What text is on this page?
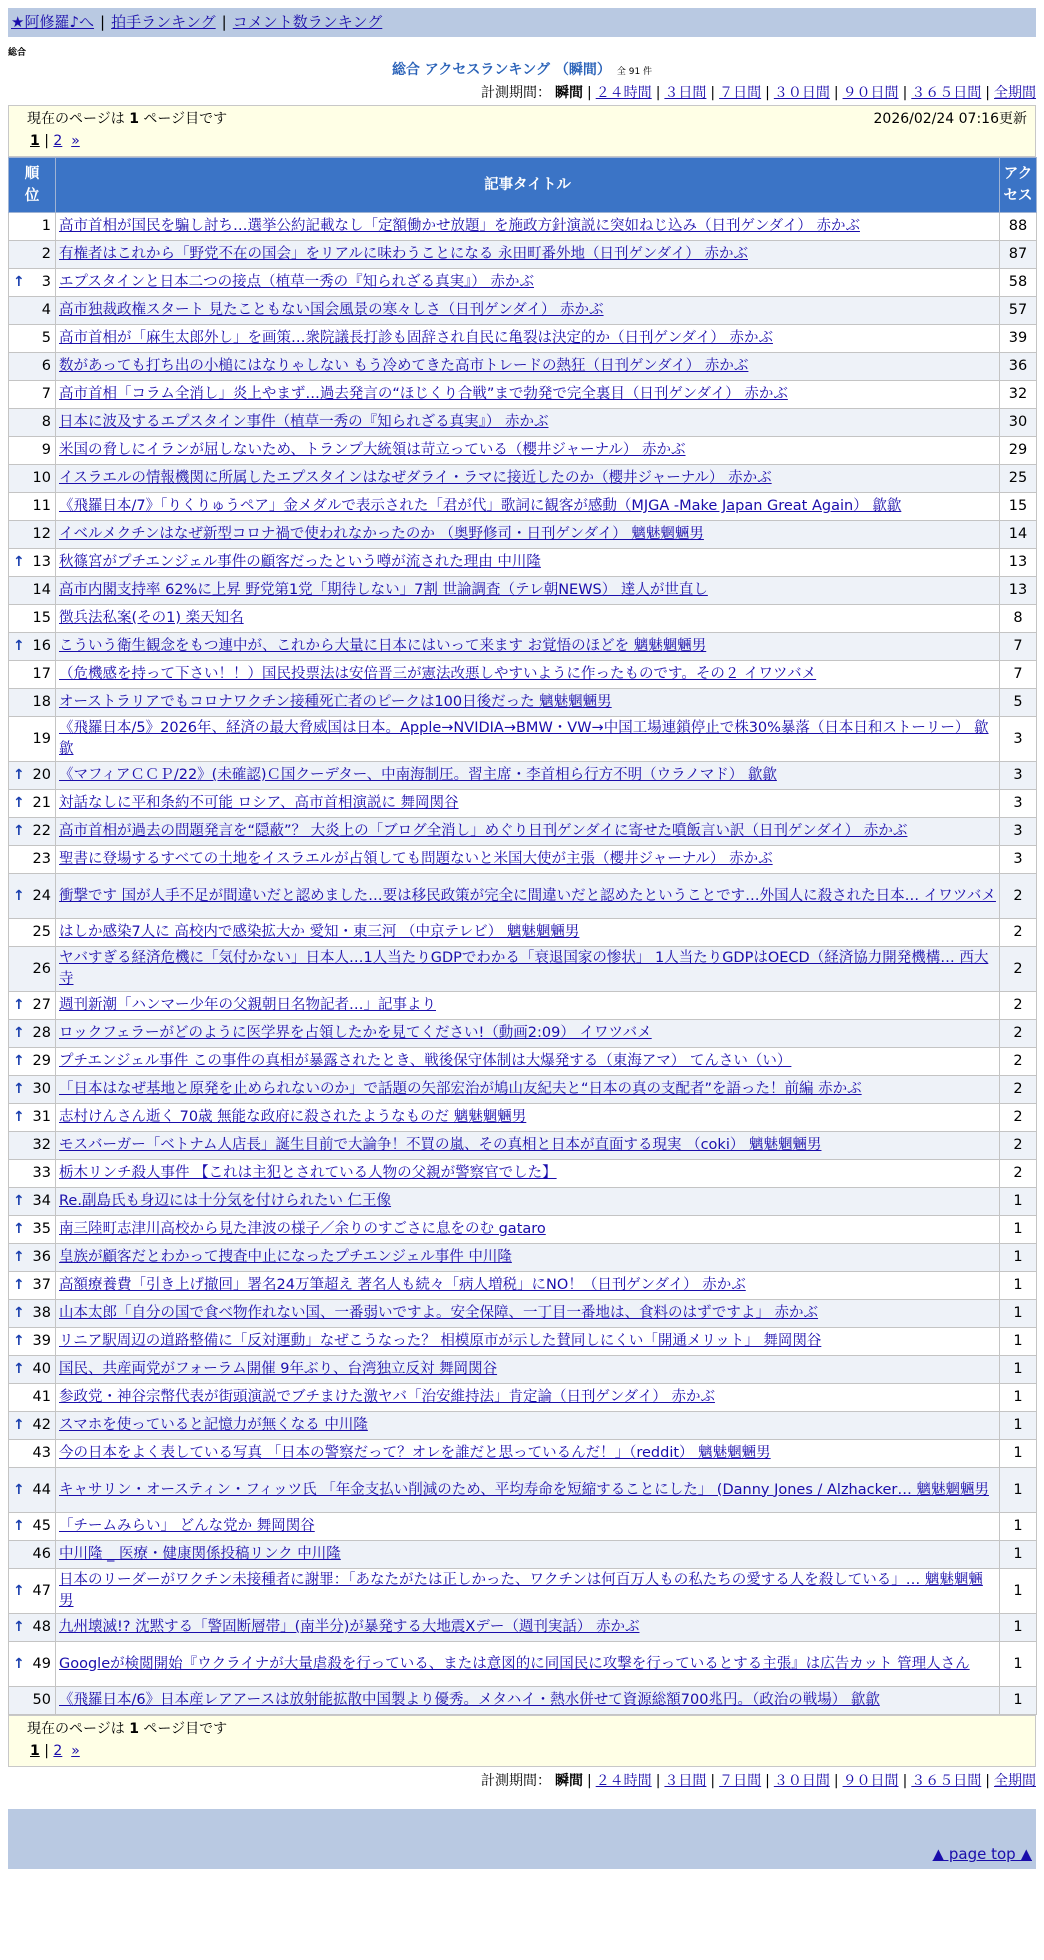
★阿修羅♪へ | 拍手ランキング | コメント数ランキング
総合
総合 アクセスランキング （瞬間） 全 91 件
計測期間： 瞬間 | ２４時間 | ３日間 | ７日間 | ３０日間 | ９０日間 | ３６５日間 | 全期間
現在のページは 1 ページ目です	2026/02/24 07:16更新
1 | 2 »
順位	記事タイトル	アクセス
1	高市首相が国民を騙し討ち…選挙公約記載なし「定額働かせ放題」を施政方針演説に突如ねじ込み（日刊ゲンダイ） 赤かぶ	88
2	有権者はこれから「野党不在の国会」をリアルに味わうことになる 永田町番外地（日刊ゲンダイ） 赤かぶ	87

↑ 3	エプスタインと日本二つの接点（植草一秀の『知られざる真実』） 赤かぶ	58
4	高市独裁政権スタート 見たこともない国会風景の寒々しさ（日刊ゲンダイ） 赤かぶ	57
5	高市首相が「麻生太郎外し」を画策…衆院議長打診も固辞され自民に亀裂は決定的か（日刊ゲンダイ） 赤かぶ	39
6	数があっても打ち出の小槌にはなりゃしない もう冷めてきた高市トレードの熱狂（日刊ゲンダイ） 赤かぶ	36
7	高市首相「コラム全消し」炎上やまず…過去発言の“ほじくり合戦”まで勃発で完全裏目（日刊ゲンダイ） 赤かぶ	32
8	日本に波及するエプスタイン事件（植草一秀の『知られざる真実』） 赤かぶ	30
9	米国の脅しにイランが屈しないため、トランプ大統領は苛立っている（櫻井ジャーナル） 赤かぶ	29
10	イスラエルの情報機関に所属したエプスタインはなぜダライ・ラマに接近したのか（櫻井ジャーナル） 赤かぶ	25
11	《飛羅日本/7》「りくりゅうペア」金メダルで表示された「君が代」歌詞に観客が感動（MJGA -Make Japan Great Again） 歙歙	15
12	イベルメクチンはなぜ新型コロナ禍で使われなかったのか （奥野修司・日刊ゲンダイ） 魑魅魍魎男	14

↑ 13	秋篠宮がプチエンジェル事件の顧客だったという噂が流された理由 中川隆	13
14	高市内閣支持率 62%に上昇 野党第1党「期待しない」7割 世論調査（テレ朝NEWS） 達人が世直し	13
15	徴兵法私案(その1) 楽天知名	8

↑ 16	こういう衛生観念をもつ連中が、これから大量に日本にはいって来ます お覚悟のほどを 魑魅魍魎男	7
17	（危機感を持って下さい！！）国民投票法は安倍晋三が憲法改悪しやすいように作ったものです。その２ イワツバメ	7
18	オーストラリアでもコロナワクチン接種死亡者のピークは100日後だった 魑魅魍魎男	5
19	《飛羅日本/5》2026年、経済の最大脅威国は日本。Apple→NVIDIA→BMW・VW→中国工場連鎖停止で株30%暴落（日本日和ストーリー） 歙歙	3

↑ 20	《マフィアＣＣＰ/22》(未確認)Ｃ国クーデター、中南海制圧。習主席・李首相ら行方不明（ウラノマド） 歙歙	3

↑ 21	対話なしに平和条約不可能 ロシア、高市首相演説に 舞岡関谷	3

↑ 22	高市首相が過去の問題発言を“隠蔽”？ 大炎上の「ブログ全消し」めぐり日刊ゲンダイに寄せた噴飯言い訳（日刊ゲンダイ） 赤かぶ	3
23	聖書に登場するすべての土地をイスラエルが占領しても問題ないと米国大使が主張（櫻井ジャーナル） 赤かぶ	3

↑ 24	衝撃です 国が人手不足が間違いだと認めました…要は移民政策が完全に間違いだと認めたということです…外国人に殺された日本… イワツバメ	2
25	はしか感染7人に 高校内で感染拡大か 愛知・東三河 （中京テレビ） 魑魅魍魎男	2
26	ヤバすぎる経済危機に「気付かない」日本人…1人当たりGDPでわかる「衰退国家の惨状」 1人当たりGDPはOECD（経済協力開発機構… 西大寺	2

↑ 27	週刊新潮「ハンマー少年の父親朝日名物記者…」記事より	2

↑ 28	ロックフェラーがどのように医学界を占領したかを見てください!（動画2:09） イワツバメ	2

↑ 29	プチエンジェル事件 この事件の真相が暴露されたとき、戦後保守体制は大爆発する（東海アマ） てんさい（い）	2

↑ 30	「日本はなぜ基地と原発を止められないのか」で話題の矢部宏治が鳩山友紀夫と“日本の真の支配者”を語った！前編 赤かぶ	2

↑ 31	志村けんさん逝く 70歳 無能な政府に殺されたようなものだ 魑魅魍魎男	2
32	モスバーガー「ベトナム人店長」誕生目前で大論争！不買の嵐、その真相と日本が直面する現実 （coki） 魑魅魍魎男	2
33	栃木リンチ殺人事件 【これは主犯とされている人物の父親が警察官でした】	2

↑ 34	Re.副島氏も身辺には十分気を付けられたい 仁王像	1

↑ 35	南三陸町志津川高校から見た津波の様子／余りのすごさに息をのむ gataro	1

↑ 36	皇族が顧客だとわかって捜査中止になったプチエンジェル事件 中川隆	1

↑ 37	高額療養費「引き上げ撤回」署名24万筆超え 著名人も続々「病人増税」にNO！（日刊ゲンダイ） 赤かぶ	1

↑ 38	山本太郎「自分の国で食べ物作れない国、一番弱いですよ。安全保障、一丁目一番地は、食料のはずですよ」 赤かぶ	1

↑ 39	リニア駅周辺の道路整備に「反対運動」なぜこうなった？ 相模原市が示した賛同しにくい「開通メリット」 舞岡関谷	1

↑ 40	国民、共産両党がフォーラム開催 9年ぶり、台湾独立反対 舞岡関谷	1
41	参政党・神谷宗幣代表が街頭演説でブチまけた激ヤバ「治安維持法」肯定論（日刊ゲンダイ） 赤かぶ	1

↑ 42	スマホを使っていると記憶力が無くなる 中川隆	1
43	今の日本をよく表している写真 「日本の警察だって？オレを誰だと思っているんだ！」（reddit） 魑魅魍魎男	1

↑ 44	キャサリン・オースティン・フィッツ氏 「年金支払い削減のため、平均寿命を短縮することにした」 (Danny Jones / Alzhacker… 魑魅魍魎男	1

↑ 45	「チームみらい」 どんな党か 舞岡関谷	1
46	中川隆 _ 医療・健康関係投稿リンク 中川隆	1

↑ 47	日本のリーダーがワクチン未接種者に謝罪：「あなたがたは正しかった、ワクチンは何百万人もの私たちの愛する人を殺している」… 魑魅魍魎男	1

↑ 48	九州壊滅!? 沈黙する「警固断層帯」(南半分)が暴発する大地震Xデー（週刊実話） 赤かぶ	1

↑ 49	Googleが検閲開始『ウクライナが大量虐殺を行っている、または意図的に同国民に攻撃を行っているとする主張』は広告カット 管理人さん	1
50	《飛羅日本/6》日本産レアアースは放射能拡散中国製より優秀。メタハイ・熱水併せて資源総額700兆円。（政治の戦場） 歙歙	1
現在のページは 1 ページ目です
1 | 2 »
計測期間： 瞬間 | ２４時間 | ３日間 | ７日間 | ３０日間 | ９０日間 | ３６５日間 | 全期間
▲ page top ▲
